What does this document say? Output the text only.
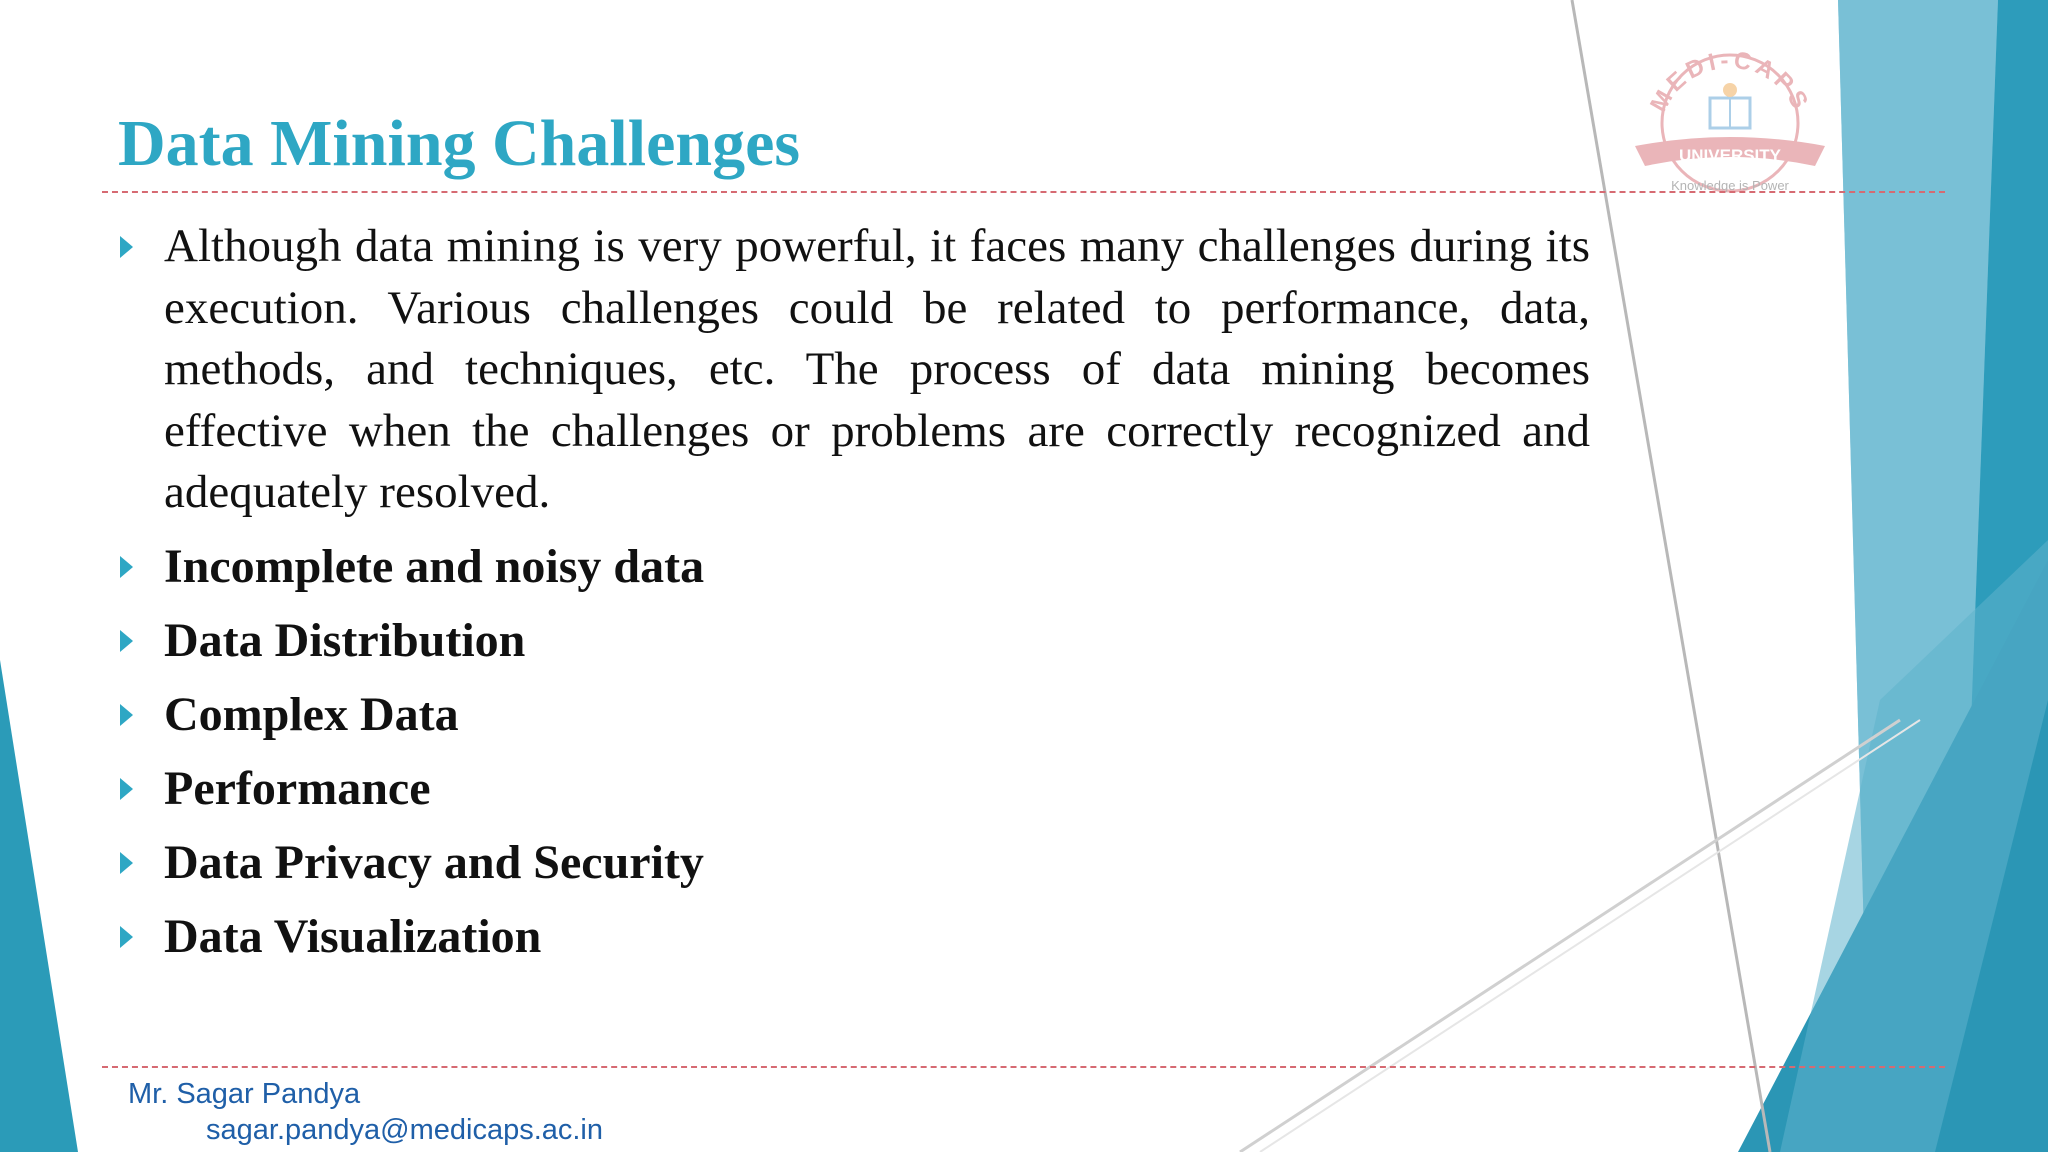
MEDI-CAPS
UNIVERSITY
Knowledge is Power
Data Mining Challenges
Although data mining is very powerful, it faces many challenges during its execution. Various challenges could be related to performance, data, methods, and techniques, etc. The process of data mining becomes effective when the challenges or problems are correctly recognized and adequately resolved.
Incomplete and noisy data
Data Distribution
Complex Data
Performance
Data Privacy and Security
Data Visualization
Mr. Sagar Pandya
sagar.pandya@medicaps.ac.in
